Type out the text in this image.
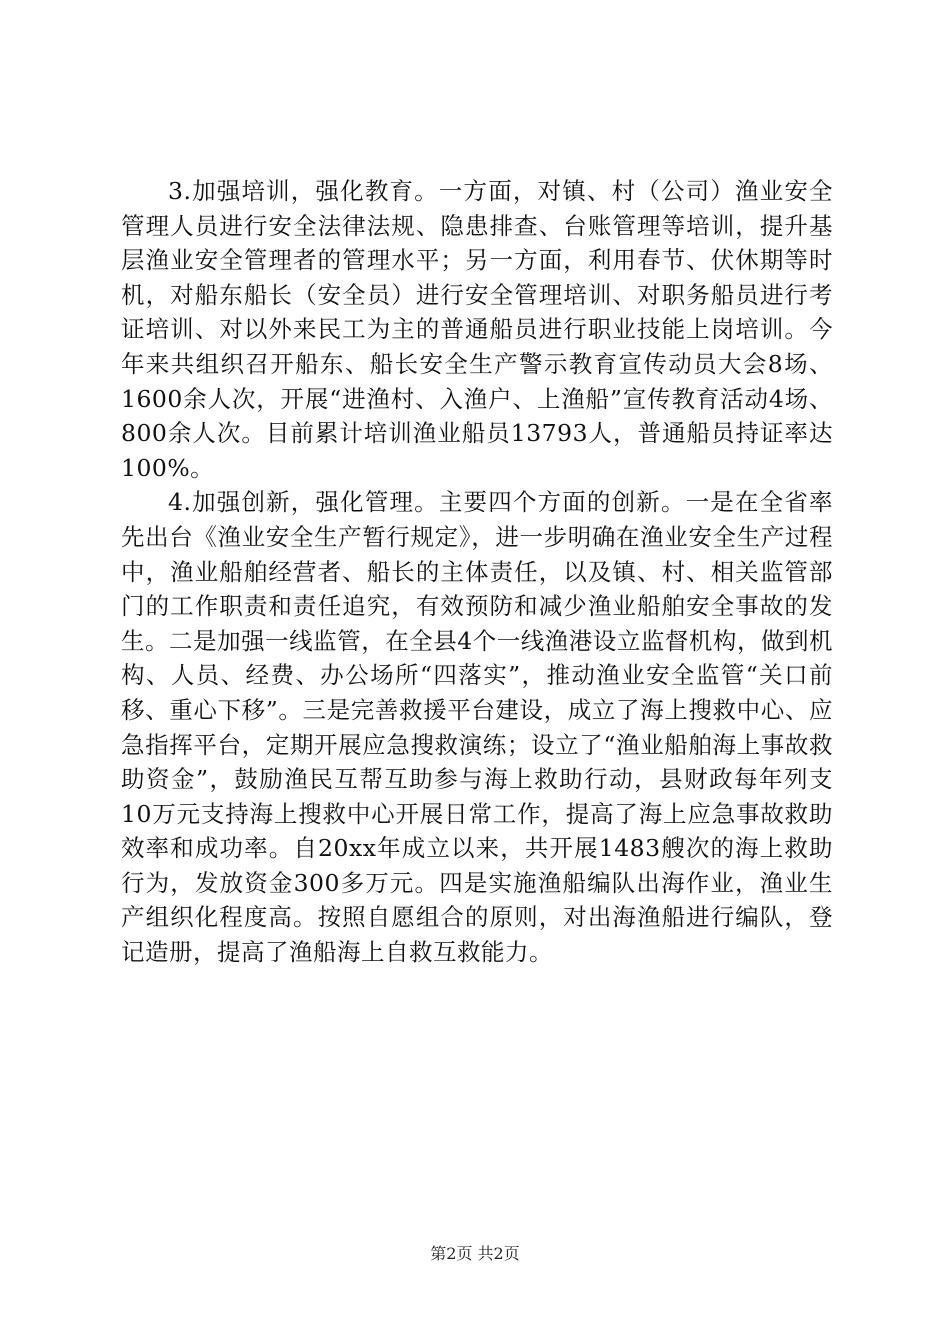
3.加强培训，强化教育。一方面，对镇、村（公司）渔业安全管理人员进行安全法律法规、隐患排查、台账管理等培训，提升基层渔业安全管理者的管理水平；另一方面，利用春节、伏休期等时机，对船东船长（安全员）进行安全管理培训、对职务船员进行考证培训、对以外来民工为主的普通船员进行职业技能上岗培训。今年来共组织召开船东、船长安全生产警示教育宣传动员大会8场、1600余人次，开展“进渔村、入渔户、上渔船”宣传教育活动4场、800余人次。目前累计培训渔业船员13793人，普通船员持证率达100%。

4.加强创新，强化管理。主要四个方面的创新。一是在全省率先出台《渔业安全生产暂行规定》，进一步明确在渔业安全生产过程中，渔业船舶经营者、船长的主体责任，以及镇、村、相关监管部门的工作职责和责任追究，有效预防和减少渔业船舶安全事故的发生。二是加强一线监管，在全县4个一线渔港设立监督机构，做到机构、人员、经费、办公场所“四落实”，推动渔业安全监管“关口前移、重心下移”。三是完善救援平台建设，成立了海上搜救中心、应急指挥平台，定期开展应急搜救演练；设立了“渔业船舶海上事故救助资金”，鼓励渔民互帮互助参与海上救助行动，县财政每年列支10万元支持海上搜救中心开展日常工作，提高了海上应急事故救助效率和成功率。自20xx年成立以来，共开展1483艘次的海上救助行为，发放资金300多万元。四是实施渔船编队出海作业，渔业生产组织化程度高。按照自愿组合的原则，对出海渔船进行编队，登记造册，提高了渔船海上自救互救能力。

第2页 共2页
